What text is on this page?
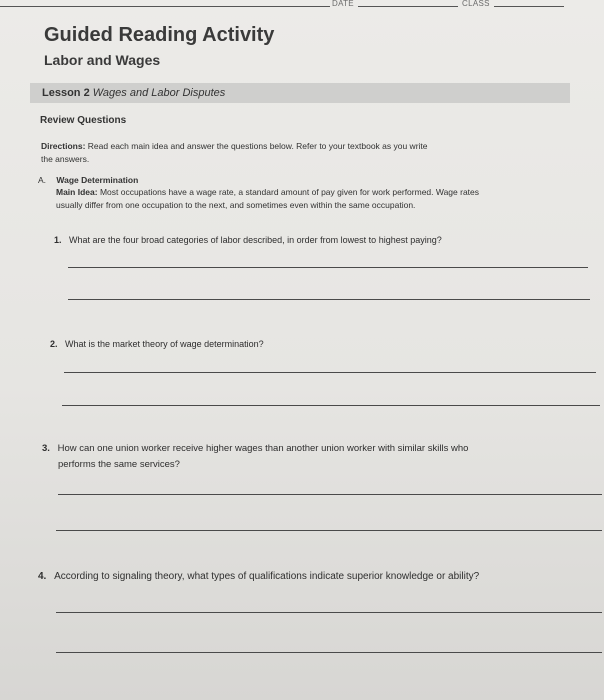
DATE	CLASS
Guided Reading Activity
Labor and Wages
Lesson 2 Wages and Labor Disputes
Review Questions
Directions: Read each main idea and answer the questions below. Refer to your textbook as you write
the answers.
A. Wage Determination
Main Idea: Most occupations have a wage rate, a standard amount of pay given for work performed. Wage rates
usually differ from one occupation to the next, and sometimes even within the same occupation.
1. What are the four broad categories of labor described, in order from lowest to highest paying?
2. What is the market theory of wage determination?
3. How can one union worker receive higher wages than another union worker with similar skills who
performs the same services?
4. According to signaling theory, what types of qualifications indicate superior knowledge or ability?
